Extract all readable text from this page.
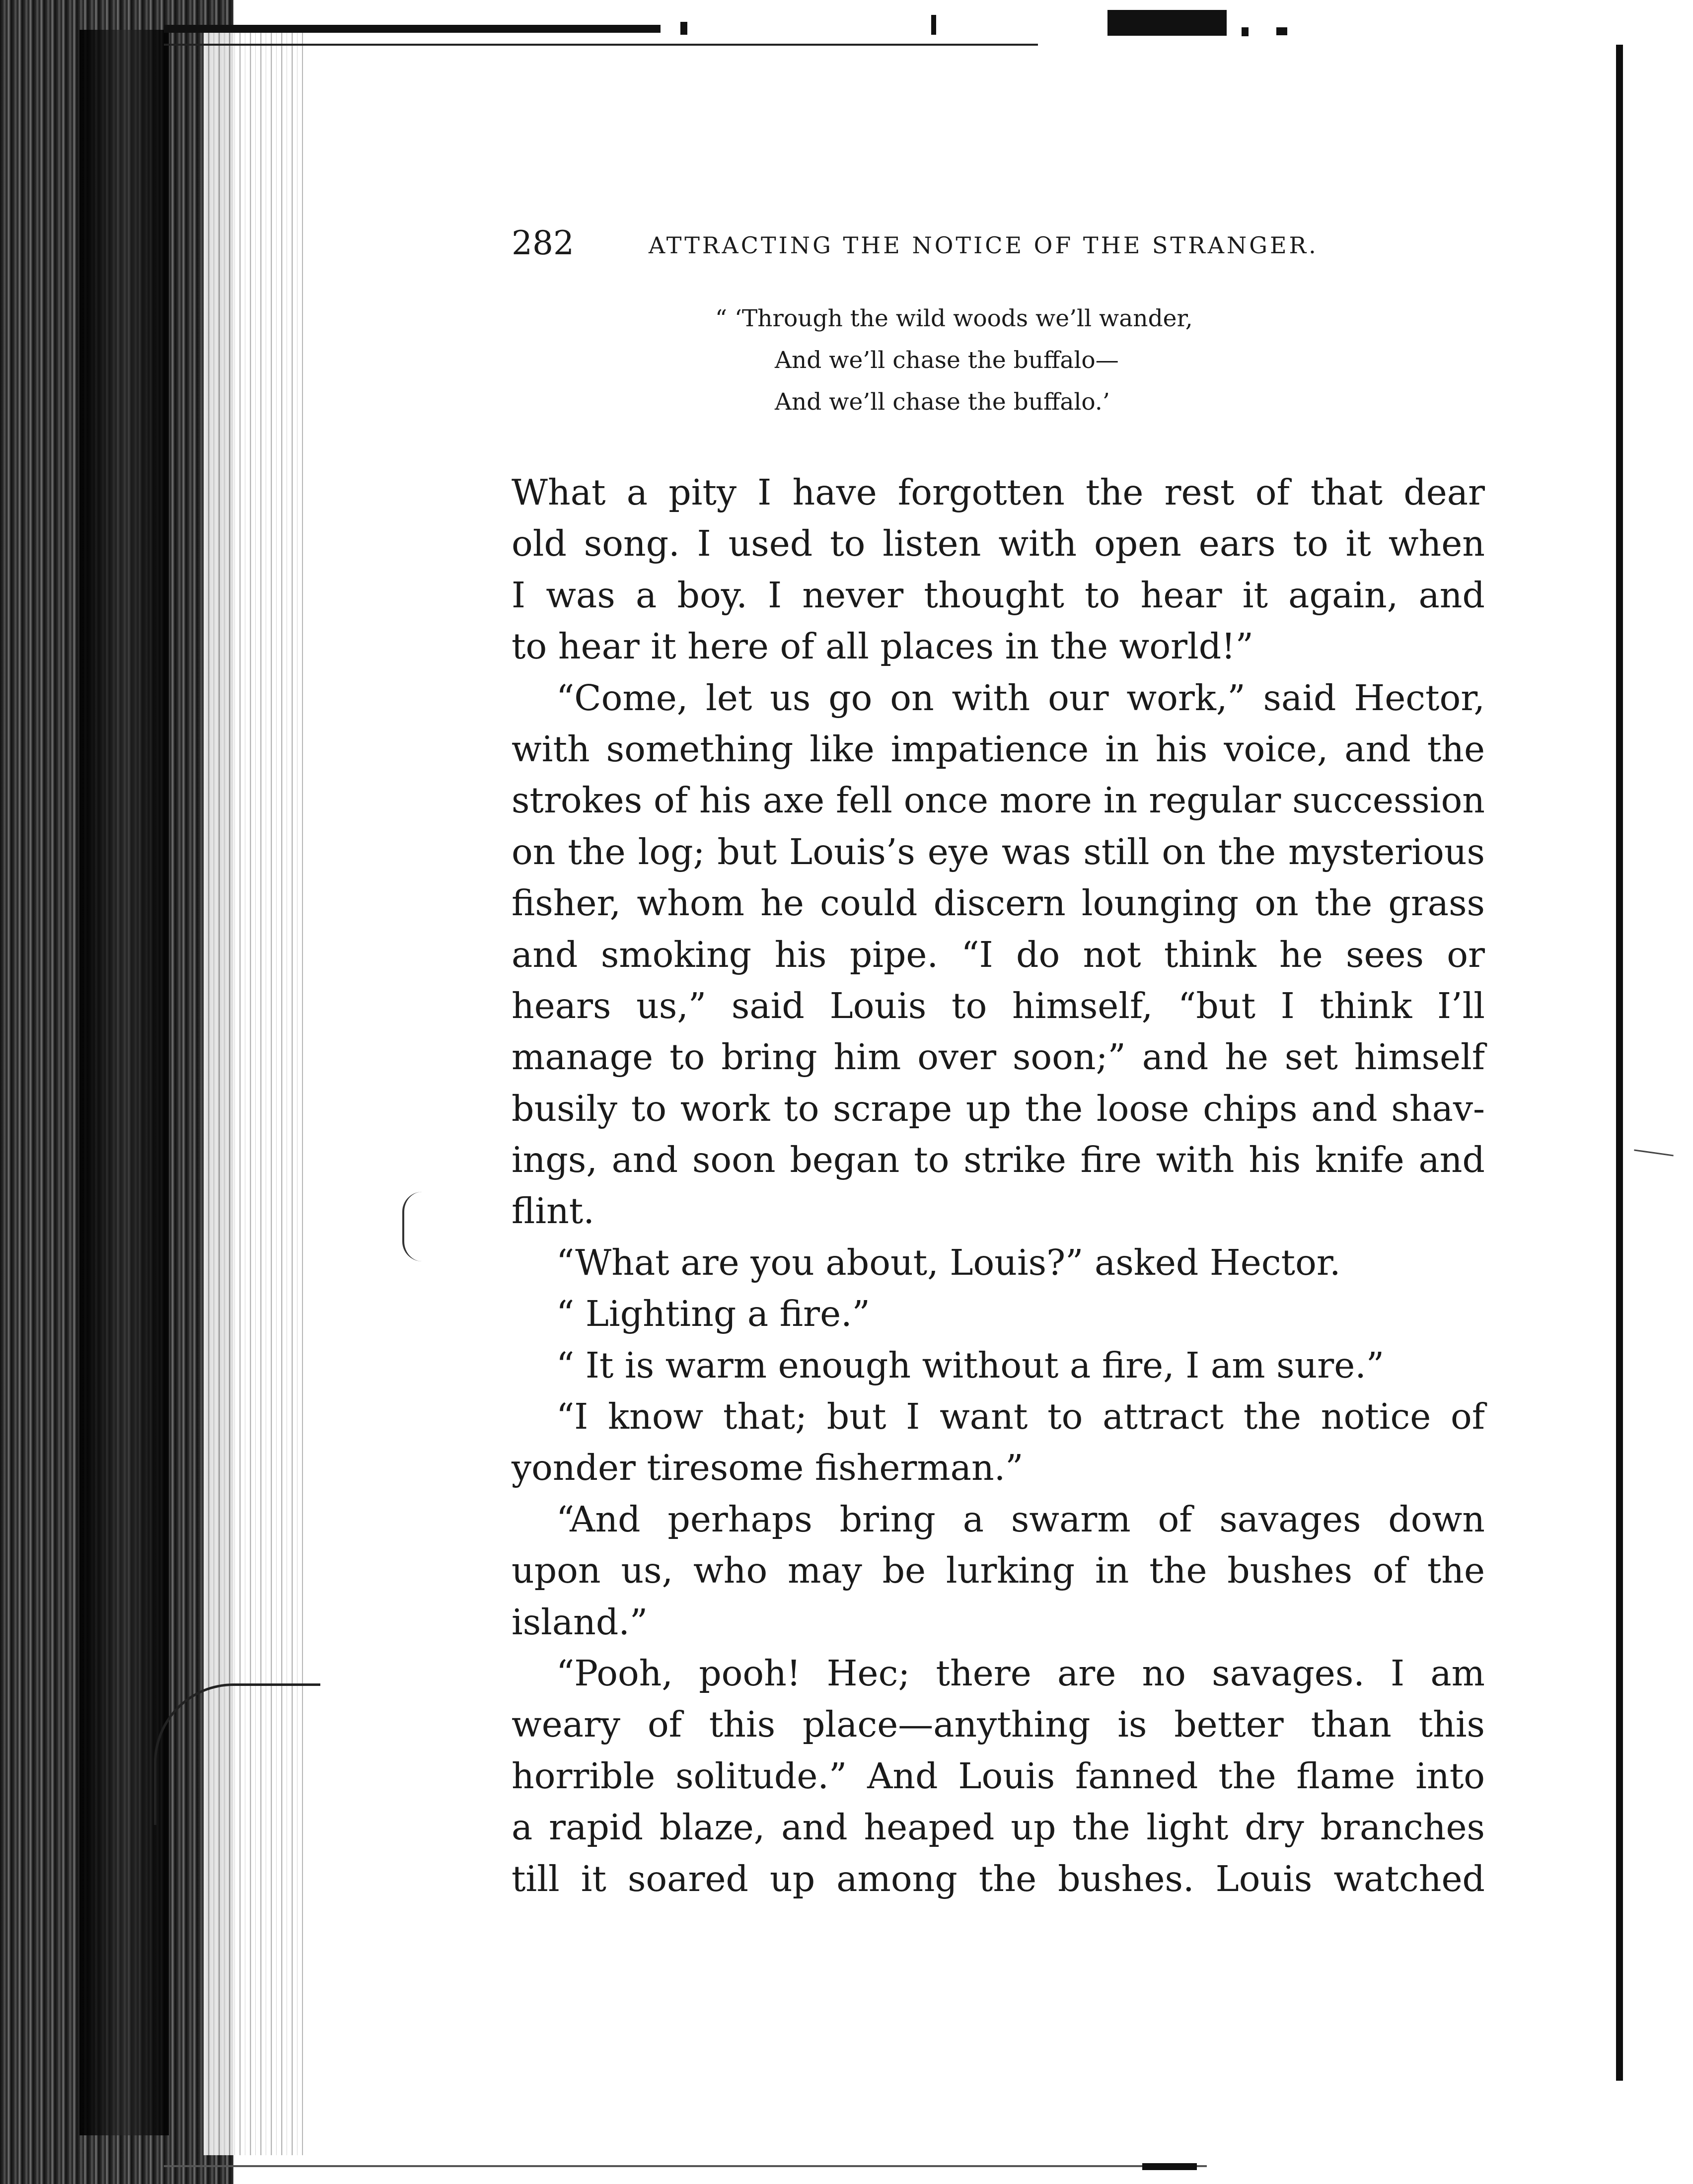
282	ATTRACTING THE NOTICE OF THE STRANGER.
“ ‘Through the wild woods we’ll wander,
And we’ll chase the buffalo—
And we’ll chase the buffalo.’
What a pity I have forgotten the rest of that dear
old song. I used to listen with open ears to it when
I was a boy. I never thought to hear it again, and
to hear it here of all places in the world!”
“Come, let us go on with our work,” said Hector,
with something like impatience in his voice, and the
strokes of his axe fell once more in regular succession
on the log; but Louis’s eye was still on the mysterious
fisher, whom he could discern lounging on the grass
and smoking his pipe. “I do not think he sees or
hears us,” said Louis to himself, “but I think I’ll
manage to bring him over soon;” and he set himself
busily to work to scrape up the loose chips and shav-
ings, and soon began to strike fire with his knife and
flint.
“What are you about, Louis?” asked Hector.
“ Lighting a fire.”
“ It is warm enough without a fire, I am sure.”
“I know that; but I want to attract the notice of
yonder tiresome fisherman.”
“And perhaps bring a swarm of savages down
upon us, who may be lurking in the bushes of the
island.”
“Pooh, pooh! Hec; there are no savages. I am
weary of this place—anything is better than this
horrible solitude.” And Louis fanned the flame into
a rapid blaze, and heaped up the light dry branches
till it soared up among the bushes. Louis watched
